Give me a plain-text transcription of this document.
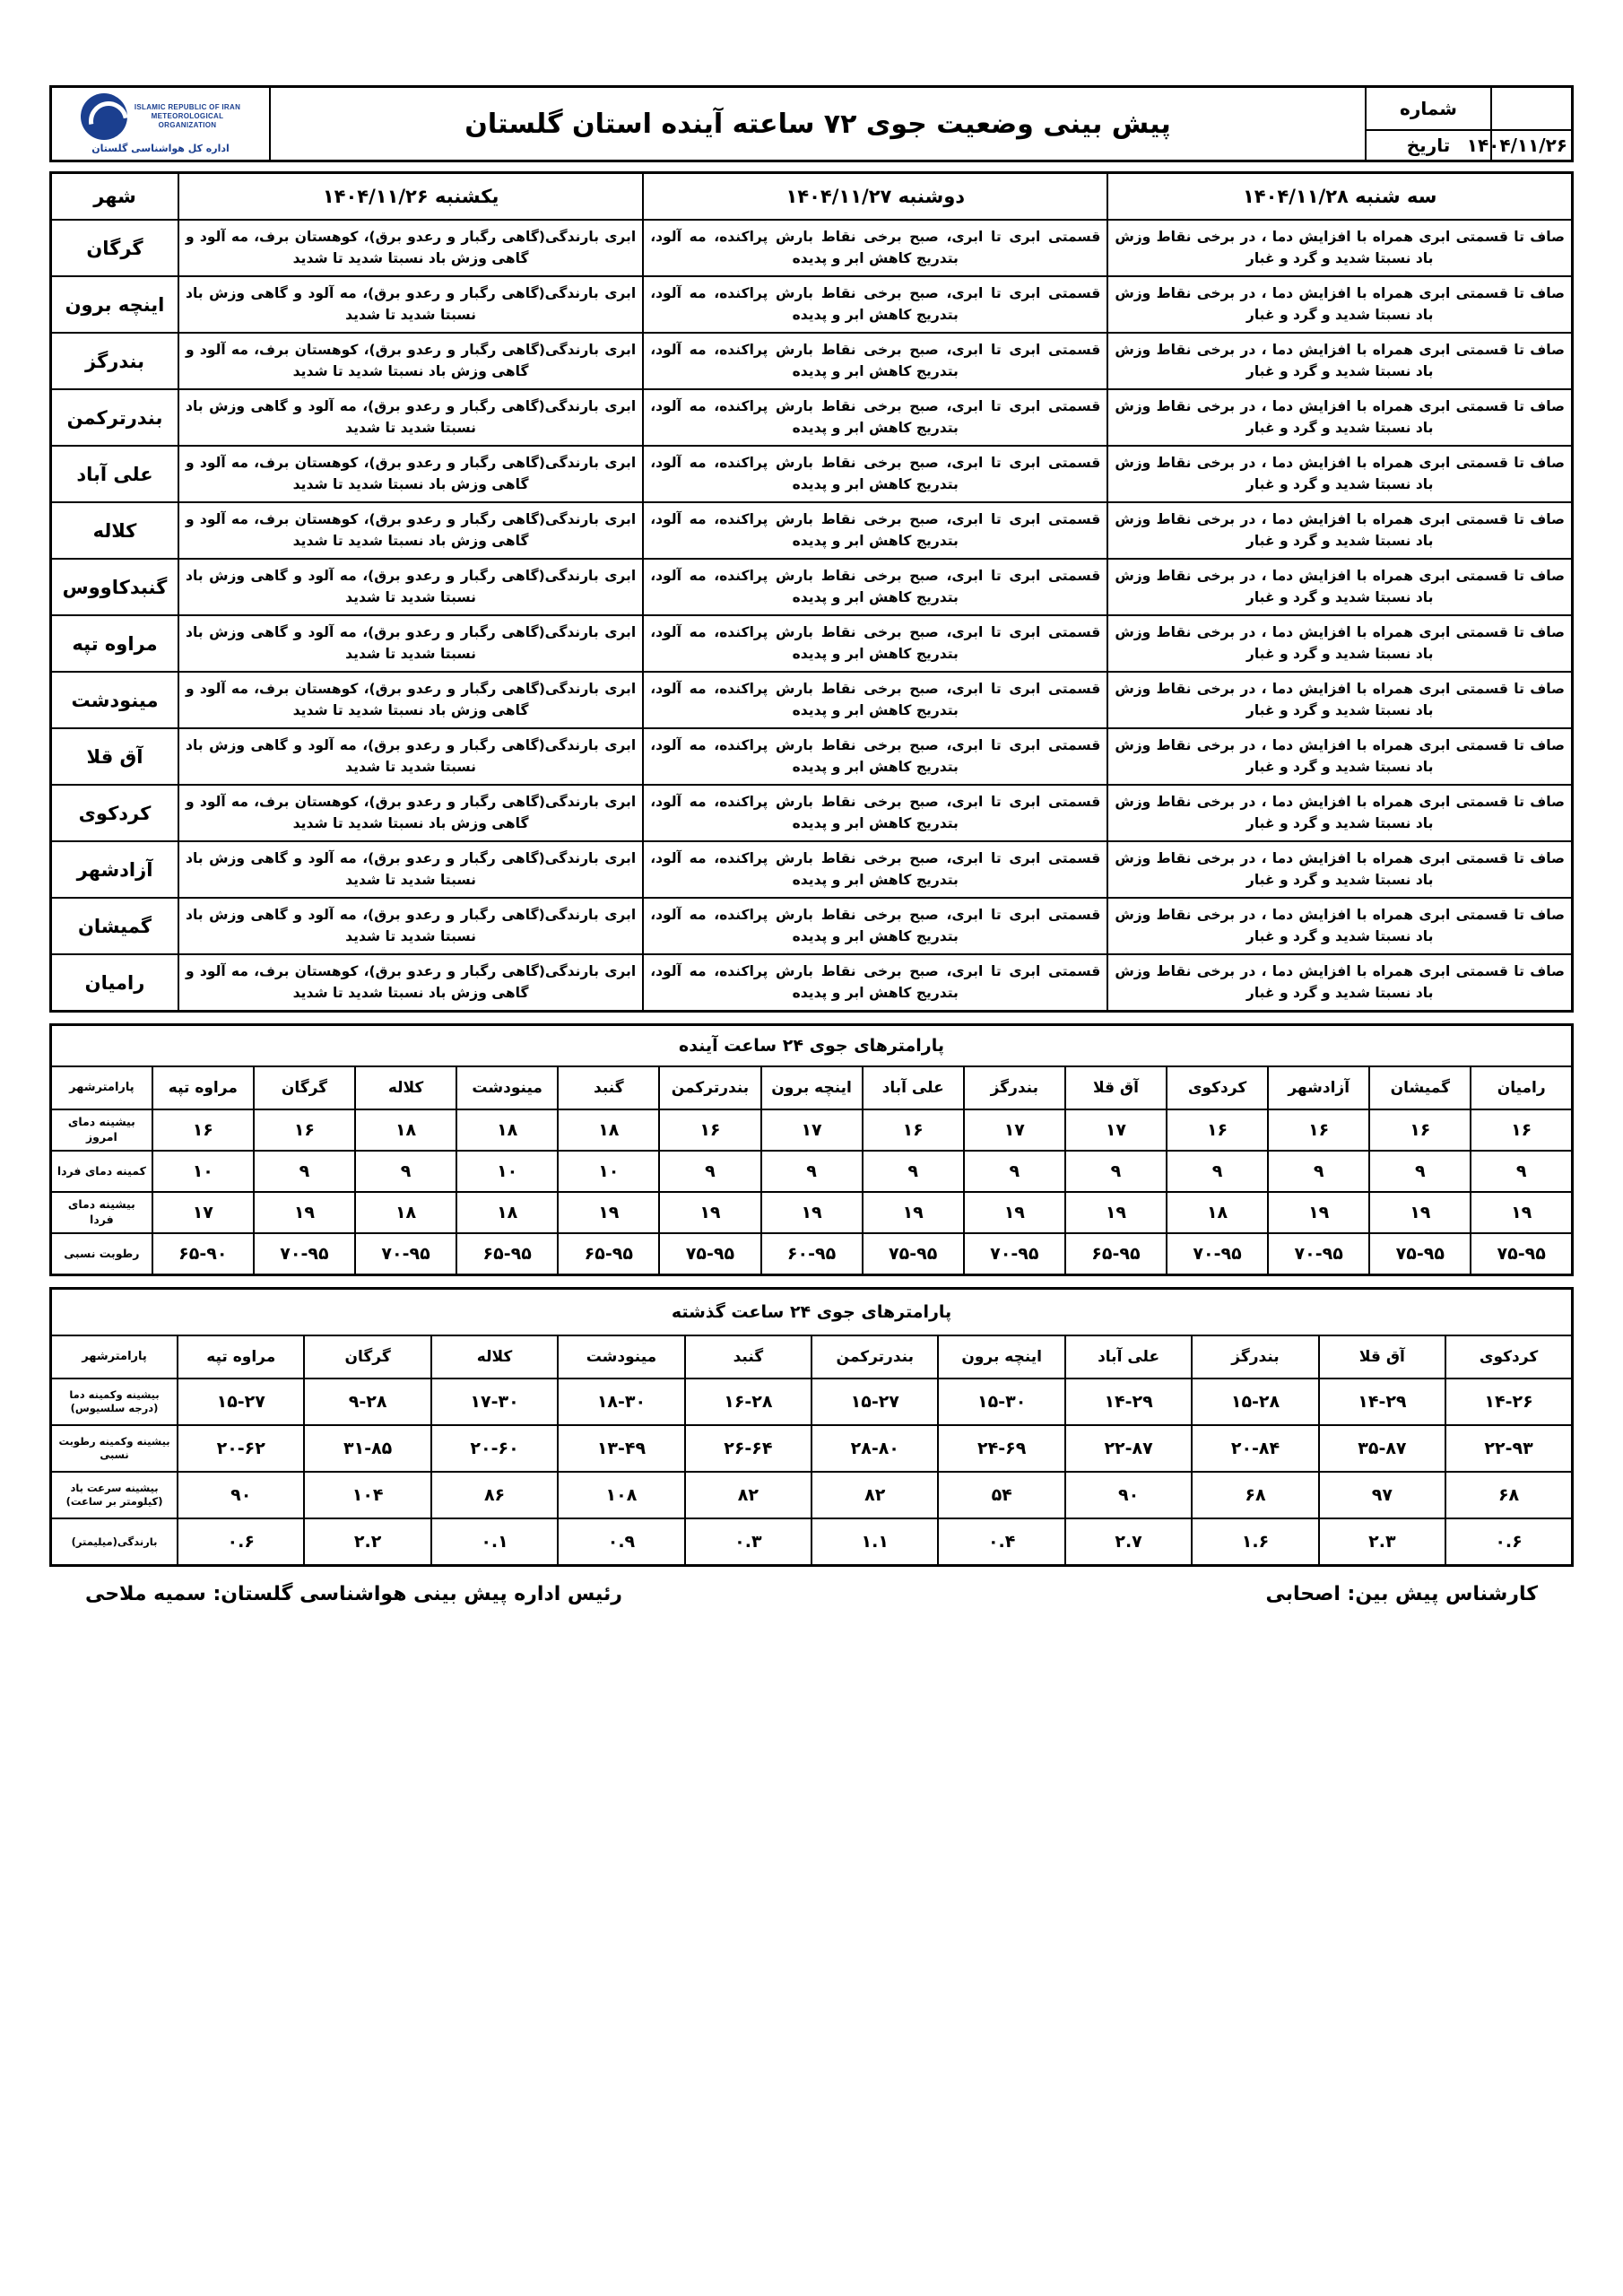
	شماره	پیش بینی وضعیت جوی ۷۲ ساعته آینده استان گلستان	ISLAMIC REPUBLIC OF IRAN
METEOROLOGICAL
ORGANIZATION
اداره کل هواشناسی گلستان

۱۴۰۴/۱۱/۲۶	تاریخ		
سه شنبه ۱۴۰۴/۱۱/۲۸	دوشنبه ۱۴۰۴/۱۱/۲۷	یکشنبه ۱۴۰۴/۱۱/۲۶	شهر
صاف تا قسمتی ابری همراه با افزایش دما ، در برخی نقاط وزش باد نسبتا شدید و گرد و غبار	قسمتی ابری تا ابری، صبح برخی نقاط بارش پراکنده، مه آلود، بتدریج کاهش ابر و پدیده	ابری بارندگی(گاهی رگبار و رعدو برق)، کوهستان برف، مه آلود و گاهی وزش باد نسبتا شدید تا شدید	گرگان
صاف تا قسمتی ابری همراه با افزایش دما ، در برخی نقاط وزش باد نسبتا شدید و گرد و غبار	قسمتی ابری تا ابری، صبح برخی نقاط بارش پراکنده، مه آلود، بتدریج کاهش ابر و پدیده	ابری بارندگی(گاهی رگبار و رعدو برق)، مه آلود و گاهی وزش باد نسبتا شدید تا شدید	اینچه برون
صاف تا قسمتی ابری همراه با افزایش دما ، در برخی نقاط وزش باد نسبتا شدید و گرد و غبار	قسمتی ابری تا ابری، صبح برخی نقاط بارش پراکنده، مه آلود، بتدریج کاهش ابر و پدیده	ابری بارندگی(گاهی رگبار و رعدو برق)، کوهستان برف، مه آلود و گاهی وزش باد نسبتا شدید تا شدید	بندرگز
صاف تا قسمتی ابری همراه با افزایش دما ، در برخی نقاط وزش باد نسبتا شدید و گرد و غبار	قسمتی ابری تا ابری، صبح برخی نقاط بارش پراکنده، مه آلود، بتدریج کاهش ابر و پدیده	ابری بارندگی(گاهی رگبار و رعدو برق)، مه آلود و گاهی وزش باد نسبتا شدید تا شدید	بندرترکمن
صاف تا قسمتی ابری همراه با افزایش دما ، در برخی نقاط وزش باد نسبتا شدید و گرد و غبار	قسمتی ابری تا ابری، صبح برخی نقاط بارش پراکنده، مه آلود، بتدریج کاهش ابر و پدیده	ابری بارندگی(گاهی رگبار و رعدو برق)، کوهستان برف، مه آلود و گاهی وزش باد نسبتا شدید تا شدید	علی آباد
صاف تا قسمتی ابری همراه با افزایش دما ، در برخی نقاط وزش باد نسبتا شدید و گرد و غبار	قسمتی ابری تا ابری، صبح برخی نقاط بارش پراکنده، مه آلود، بتدریج کاهش ابر و پدیده	ابری بارندگی(گاهی رگبار و رعدو برق)، کوهستان برف، مه آلود و گاهی وزش باد نسبتا شدید تا شدید	کلاله
صاف تا قسمتی ابری همراه با افزایش دما ، در برخی نقاط وزش باد نسبتا شدید و گرد و غبار	قسمتی ابری تا ابری، صبح برخی نقاط بارش پراکنده، مه آلود، بتدریج کاهش ابر و پدیده	ابری بارندگی(گاهی رگبار و رعدو برق)، مه آلود و گاهی وزش باد نسبتا شدید تا شدید	گنبدکاووس
صاف تا قسمتی ابری همراه با افزایش دما ، در برخی نقاط وزش باد نسبتا شدید و گرد و غبار	قسمتی ابری تا ابری، صبح برخی نقاط بارش پراکنده، مه آلود، بتدریج کاهش ابر و پدیده	ابری بارندگی(گاهی رگبار و رعدو برق)، مه آلود و گاهی وزش باد نسبتا شدید تا شدید	مراوه تپه
صاف تا قسمتی ابری همراه با افزایش دما ، در برخی نقاط وزش باد نسبتا شدید و گرد و غبار	قسمتی ابری تا ابری، صبح برخی نقاط بارش پراکنده، مه آلود، بتدریج کاهش ابر و پدیده	ابری بارندگی(گاهی رگبار و رعدو برق)، کوهستان برف، مه آلود و گاهی وزش باد نسبتا شدید تا شدید	مینودشت
صاف تا قسمتی ابری همراه با افزایش دما ، در برخی نقاط وزش باد نسبتا شدید و گرد و غبار	قسمتی ابری تا ابری، صبح برخی نقاط بارش پراکنده، مه آلود، بتدریج کاهش ابر و پدیده	ابری بارندگی(گاهی رگبار و رعدو برق)، مه آلود و گاهی وزش باد نسبتا شدید تا شدید	آق قلا
صاف تا قسمتی ابری همراه با افزایش دما ، در برخی نقاط وزش باد نسبتا شدید و گرد و غبار	قسمتی ابری تا ابری، صبح برخی نقاط بارش پراکنده، مه آلود، بتدریج کاهش ابر و پدیده	ابری بارندگی(گاهی رگبار و رعدو برق)، کوهستان برف، مه آلود و گاهی وزش باد نسبتا شدید تا شدید	کردکوی
صاف تا قسمتی ابری همراه با افزایش دما ، در برخی نقاط وزش باد نسبتا شدید و گرد و غبار	قسمتی ابری تا ابری، صبح برخی نقاط بارش پراکنده، مه آلود، بتدریج کاهش ابر و پدیده	ابری بارندگی(گاهی رگبار و رعدو برق)، مه آلود و گاهی وزش باد نسبتا شدید تا شدید	آزادشهر
صاف تا قسمتی ابری همراه با افزایش دما ، در برخی نقاط وزش باد نسبتا شدید و گرد و غبار	قسمتی ابری تا ابری، صبح برخی نقاط بارش پراکنده، مه آلود، بتدریج کاهش ابر و پدیده	ابری بارندگی(گاهی رگبار و رعدو برق)، مه آلود و گاهی وزش باد نسبتا شدید تا شدید	گمیشان
صاف تا قسمتی ابری همراه با افزایش دما ، در برخی نقاط وزش باد نسبتا شدید و گرد و غبار	قسمتی ابری تا ابری، صبح برخی نقاط بارش پراکنده، مه آلود، بتدریج کاهش ابر و پدیده	ابری بارندگی(گاهی رگبار و رعدو برق)، کوهستان برف، مه آلود و گاهی وزش باد نسبتا شدید تا شدید	رامیان
پارامترهای جوی ۲۴ ساعت آینده														
رامیان	گمیشان	آزادشهر	کردکوی	آق قلا	بندرگز	علی آباد	اینچه برون	بندرترکمن	گنبد	مینودشت	کلاله	گرگان	مراوه تپه	پارامترشهر
۱۶	۱۶	۱۶	۱۶	۱۷	۱۷	۱۶	۱۷	۱۶	۱۸	۱۸	۱۸	۱۶	۱۶	بیشینه دمای امروز
۹	۹	۹	۹	۹	۹	۹	۹	۹	۱۰	۱۰	۹	۹	۱۰	کمینه دمای فردا
۱۹	۱۹	۱۹	۱۸	۱۹	۱۹	۱۹	۱۹	۱۹	۱۹	۱۸	۱۸	۱۹	۱۷	بیشینه دمای فردا
۷۵-۹۵	۷۵-۹۵	۷۰-۹۵	۷۰-۹۵	۶۵-۹۵	۷۰-۹۵	۷۵-۹۵	۶۰-۹۵	۷۵-۹۵	۶۵-۹۵	۶۵-۹۵	۷۰-۹۵	۷۰-۹۵	۶۵-۹۰	رطوبت نسبی
پارامترهای جوی ۲۴ ساعت گذشته											
کردکوی	آق قلا	بندرگز	علی آباد	اینچه برون	بندرترکمن	گنبد	مینودشت	کلاله	گرگان	مراوه تپه	پارامترشهر
۱۴-۲۶	۱۴-۲۹	۱۵-۲۸	۱۴-۲۹	۱۵-۳۰	۱۵-۲۷	۱۶-۲۸	۱۸-۳۰	۱۷-۳۰	۹-۲۸	۱۵-۲۷	بیشینه وکمینه دما (درجه سلسیوس)
۲۲-۹۳	۳۵-۸۷	۲۰-۸۴	۲۲-۸۷	۲۴-۶۹	۲۸-۸۰	۲۶-۶۴	۱۳-۴۹	۲۰-۶۰	۳۱-۸۵	۲۰-۶۲	بیشینه وکمینه رطوبت نسبی
۶۸	۹۷	۶۸	۹۰	۵۴	۸۲	۸۲	۱۰۸	۸۶	۱۰۴	۹۰	بیشینه سرعت باد (کیلومتر بر ساعت)
۰.۶	۲.۳	۱.۶	۲.۷	۰.۴	۱.۱	۰.۳	۰.۹	۰.۱	۲.۲	۰.۶	بارندگی(میلیمتر)
کارشناس پیش بین: اصحابی
رئیس اداره پیش بینی هواشناسی گلستان: سمیه ملاحی
